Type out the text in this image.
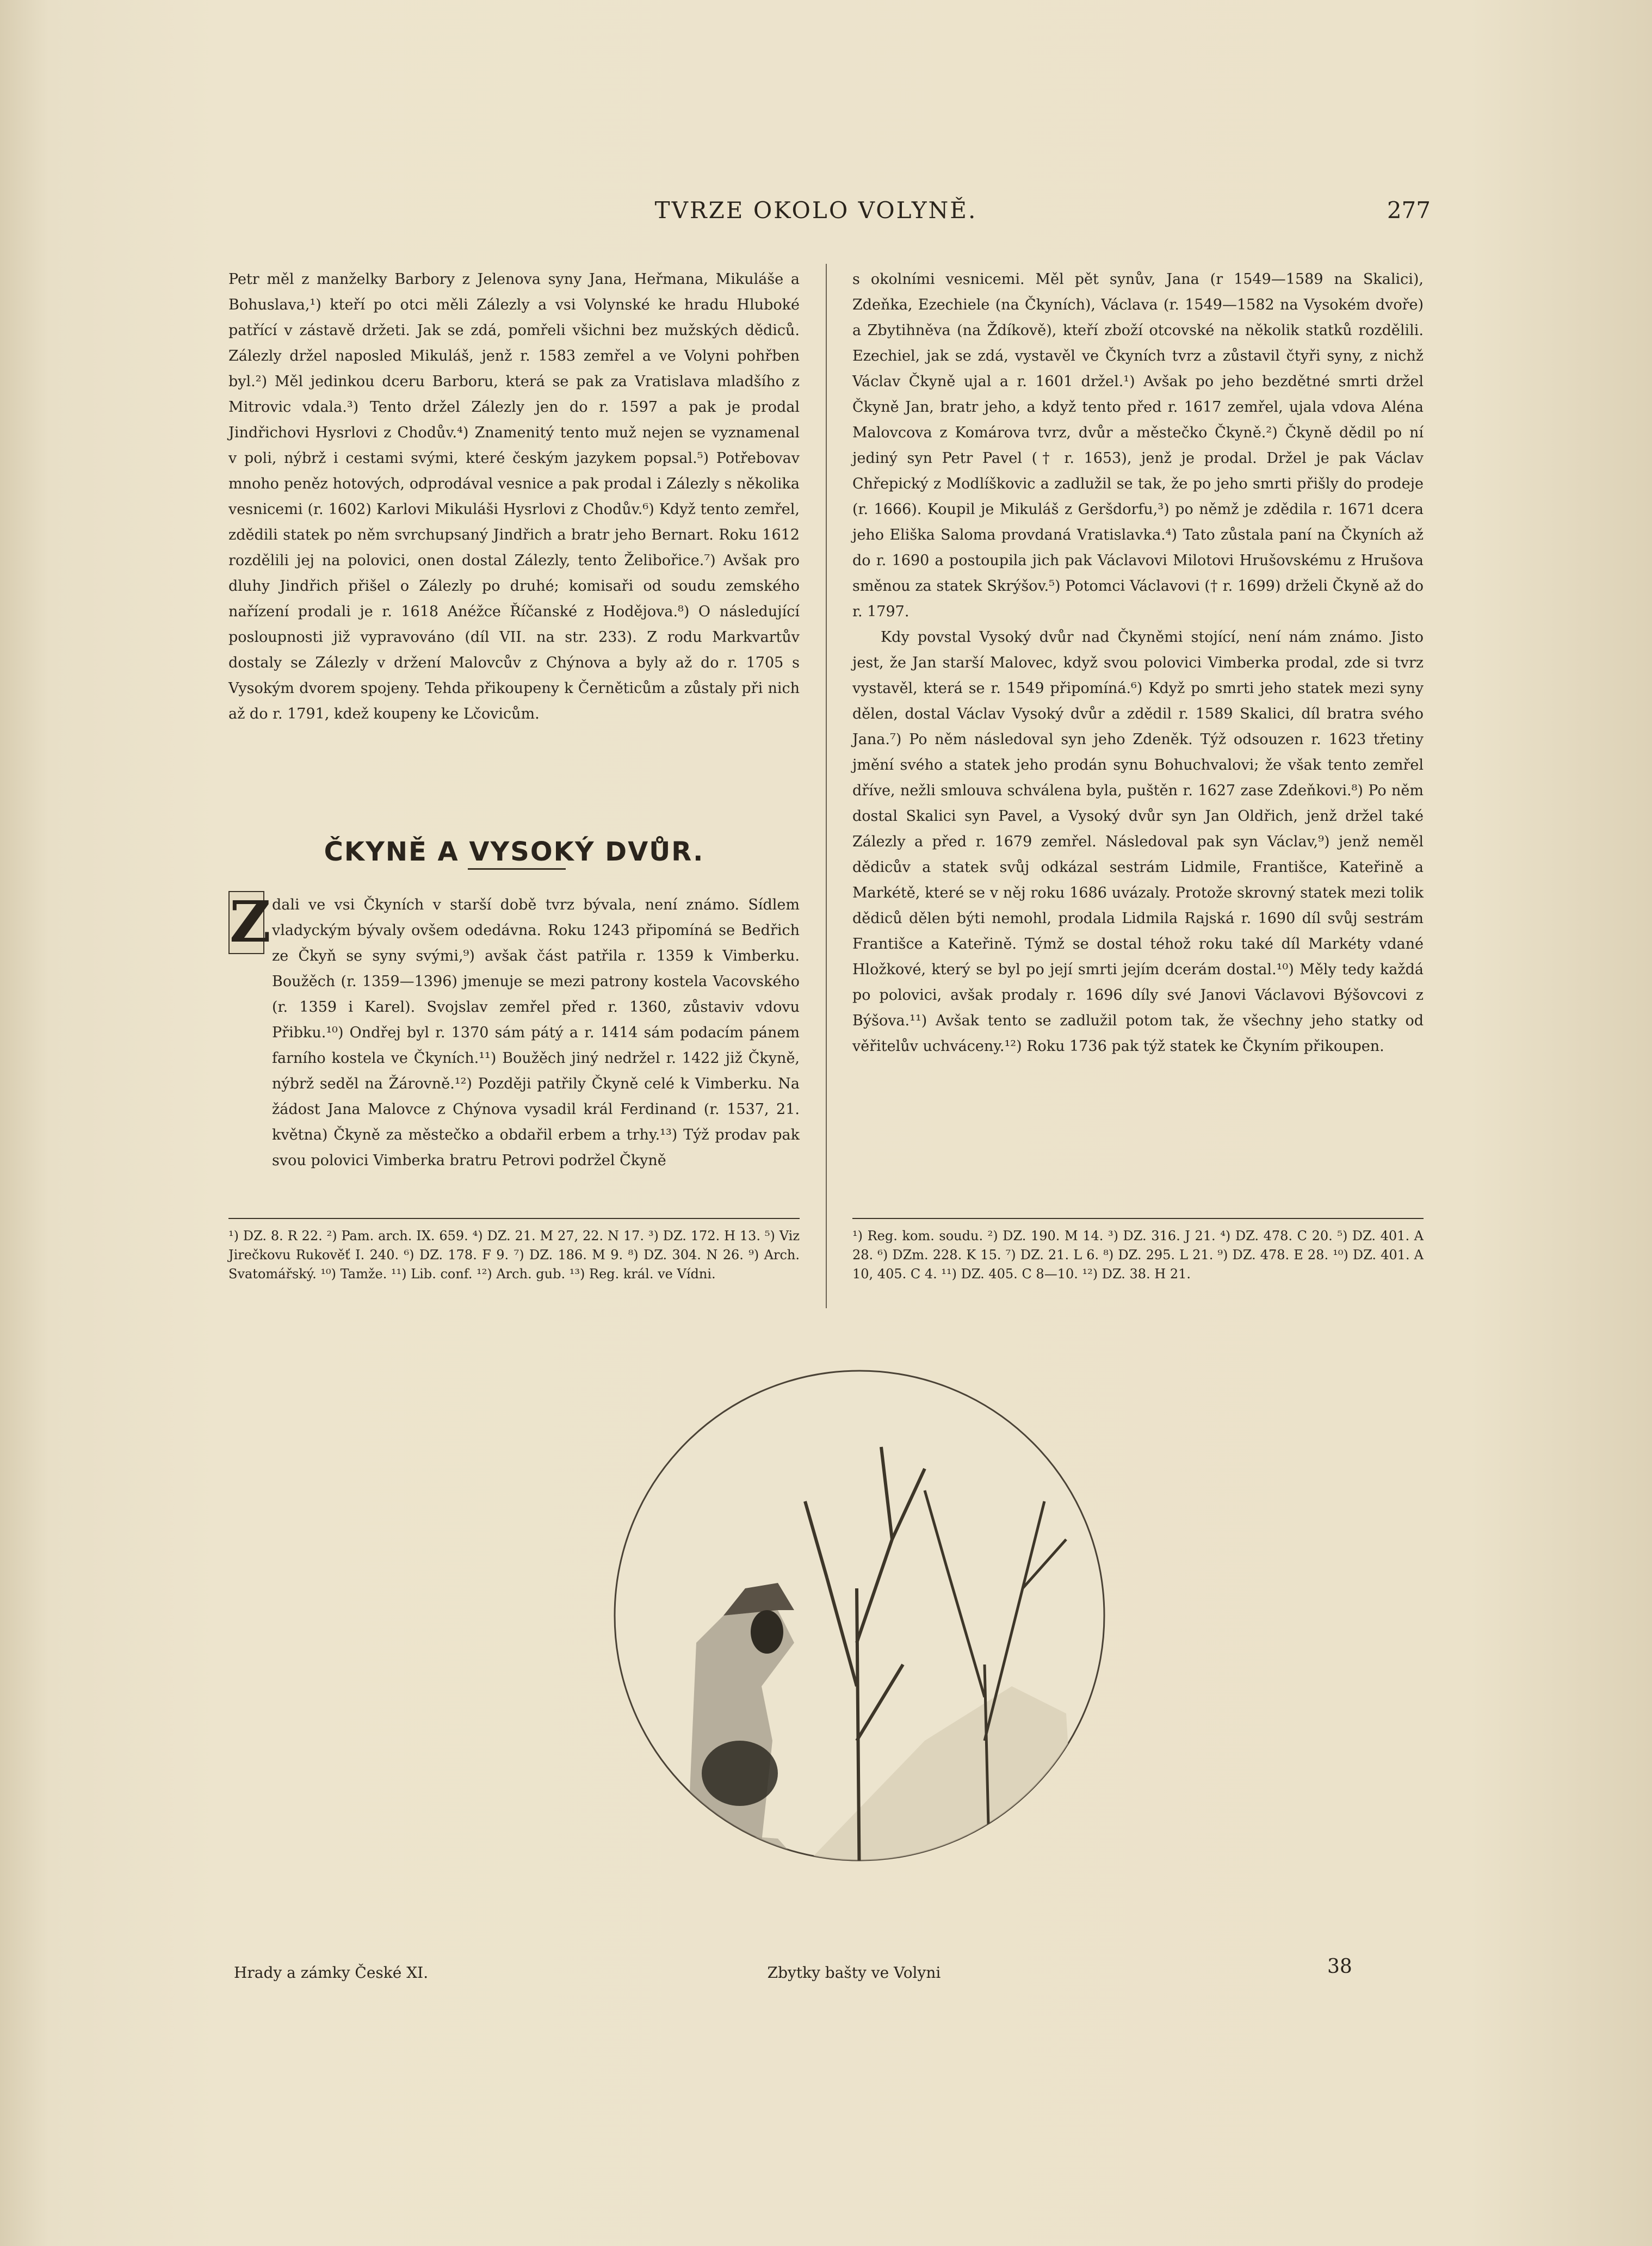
TVRZE OKOLO VOLYNĚ.	277

Petr měl z manželky Barbory z Jelenova syny Jana, Heřmana, Mikuláše a Bohuslava,¹) kteří po otci měli Zálezly a vsi Volynské ke hradu Hluboké patřící v zástavě držeti. Jak se zdá, pomřeli všichni bez mužských dědiců. Zálezly držel naposled Mikuláš, jenž r. 1583 zemřel a ve Volyni pohřben byl.²) Měl jedinkou dceru Barboru, která se pak za Vratislava mladšího z Mitrovic vdala.³) Tento držel Zálezly jen do r. 1597 a pak je prodal Jindřichovi Hysrlovi z Chodův.⁴) Znamenitý tento muž nejen se vyznamenal v poli, nýbrž i cestami svými, které českým jazykem popsal.⁵) Potřebovav mnoho peněz hotových, odprodával vesnice a pak prodal i Zálezly s několika vesnicemi (r. 1602) Karlovi Mikuláši Hysrlovi z Chodův.⁶) Když tento zemřel, zdědili statek po něm svrchupsaný Jindřich a bratr jeho Bernart. Roku 1612 rozdělili jej na polovici, onen dostal Zálezly, tento Želibořice.⁷) Avšak pro dluhy Jindřich přišel o Zálezly po druhé; komisaři od soudu zemského nařízení prodali je r. 1618 Anéžce Říčanské z Hodějova.⁸) O následující posloupnosti již vypravováno (díl VII. na str. 233). Z rodu Markvartův dostaly se Zálezly v držení Malovcův z Chýnova a byly až do r. 1705 s Vysokým dvorem spojeny. Tehda přikoupeny k Černěticům a zůstaly při nich až do r. 1791, kdež koupeny ke Lčovicům.

ČKYNĚ A VYSOKÝ DVŮR.
Z dali ve vsi Čkyních v starší době tvrz bývala, není známo. Sídlem vladyckým bývaly ovšem odedávna. Roku 1243 připomíná se Bedřich ze Čkyň se syny svými,⁹) avšak část patřila r. 1359 k Vimberku. Boužěch (r. 1359—1396) jmenuje se mezi patrony kostela Vacovského (r. 1359 i Karel). Svojslav zemřel před r. 1360, zůstaviv vdovu Přibku.¹⁰) Ondřej byl r. 1370 sám pátý a r. 1414 sám podacím pánem farního kostela ve Čkyních.¹¹) Boužěch jiný nedržel r. 1422 již Čkyně, nýbrž seděl na Žárovně.¹²) Později patřily Čkyně celé k Vimberku. Na žádost Jana Malovce z Chýnova vysadil král Ferdinand (r. 1537, 21. května) Čkyně za městečko a obdařil erbem a trhy.¹³) Týž prodav pak svou polovici Vimberka bratru Petrovi podržel Čkyně

s okolními vesnicemi. Měl pět synův, Jana (r 1549—1589 na Skalici), Zdeňka, Ezechiele (na Čkyních), Václava (r. 1549—1582 na Vysokém dvoře) a Zbytihněva (na Ždíkově), kteří zboží otcovské na několik statků rozdělili. Ezechiel, jak se zdá, vystavěl ve Čkyních tvrz a zůstavil čtyři syny, z nichž Václav Čkyně ujal a r. 1601 držel.¹) Avšak po jeho bezdětné smrti držel Čkyně Jan, bratr jeho, a když tento před r. 1617 zemřel, ujala vdova Aléna Malovcova z Komárova tvrz, dvůr a městečko Čkyně.²) Čkyně dědil po ní jediný syn Petr Pavel († r. 1653), jenž je prodal. Držel je pak Václav Chřepický z Modlíškovic a zadlužil se tak, že po jeho smrti přišly do prodeje (r. 1666). Koupil je Mikuláš z Geršdorfu,³) po němž je zdědila r. 1671 dcera jeho Eliška Saloma provdaná Vratislavka.⁴) Tato zůstala paní na Čkyních až do r. 1690 a postoupila jich pak Václavovi Milotovi Hrušovskému z Hrušova směnou za statek Skrýšov.⁵) Potomci Václavovi († r. 1699) drželi Čkyně až do r. 1797.

Kdy povstal Vysoký dvůr nad Čkyněmi stojící, není nám známo. Jisto jest, že Jan starší Malovec, když svou polovici Vimberka prodal, zde si tvrz vystavěl, která se r. 1549 připomíná.⁶) Když po smrti jeho statek mezi syny dělen, dostal Václav Vysoký dvůr a zdědil r. 1589 Skalici, díl bratra svého Jana.⁷) Po něm následoval syn jeho Zdeněk. Týž odsouzen r. 1623 třetiny jmění svého a statek jeho prodán synu Bohuchvalovi; že však tento zemřel dříve, nežli smlouva schválena byla, puštěn r. 1627 zase Zdeňkovi.⁸) Po něm dostal Skalici syn Pavel, a Vysoký dvůr syn Jan Oldřich, jenž držel také Zálezly a před r. 1679 zemřel. Následoval pak syn Václav,⁹) jenž neměl dědicův a statek svůj odkázal sestrám Lidmile, Františce, Kateřině a Markétě, které se v něj roku 1686 uvázaly. Protože skrovný statek mezi tolik dědiců dělen býti nemohl, prodala Lidmila Rajská r. 1690 díl svůj sestrám Františce a Kateřině. Týmž se dostal téhož roku také díl Markéty vdané Hložkové, který se byl po její smrti jejím dcerám dostal.¹⁰) Měly tedy každá po polovici, avšak prodaly r. 1696 díly své Janovi Václavovi Býšovcovi z Býšova.¹¹) Avšak tento se zadlužil potom tak, že všechny jeho statky od věřitelův uchváceny.¹²) Roku 1736 pak týž statek ke Čkyním přikoupen.

¹) DZ. 8. R 22. ²) Pam. arch. IX. 659. ⁴) DZ. 21. M 27, 22. N 17. ³) DZ. 172. H 13. ⁵) Viz Jirečkovu Rukověť I. 240. ⁶) DZ. 178. F 9. ⁷) DZ. 186. M 9. ⁸) DZ. 304. N 26. ⁹) Arch. Svatomářský. ¹⁰) Tamže. ¹¹) Lib. conf. ¹²) Arch. gub. ¹³) Reg. král. ve Vídni.
¹) Reg. kom. soudu. ²) DZ. 190. M 14. ³) DZ. 316. J 21. ⁴) DZ. 478. C 20. ⁵) DZ. 401. A 28. ⁶) DZm. 228. K 15. ⁷) DZ. 21. L 6. ⁸) DZ. 295. L 21. ⁹) DZ. 478. E 28. ¹⁰) DZ. 401. A 10, 405. C 4. ¹¹) DZ. 405. C 8—10. ¹²) DZ. 38. H 21.
Hrady a zámky České XI.	Zbytky bašty ve Volyni	38
